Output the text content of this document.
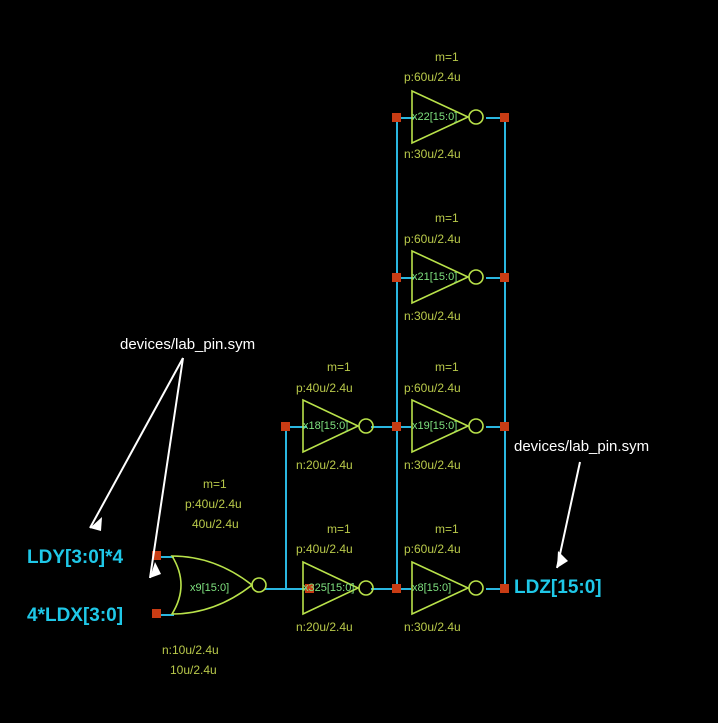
m=1
p:60u/2.4u
x22[15:0]
n:30u/2.4u
m=1
p:60u/2.4u
x21[15:0]
n:30u/2.4u
m=1
p:40u/2.4u
x18[15:0]
n:20u/2.4u
m=1
p:60u/2.4u
x19[15:0]
n:30u/2.4u
m=1
p:40u/2.4u
x325[15:0]
n:20u/2.4u
m=1
p:60u/2.4u
x8[15:0]
n:30u/2.4u
m=1
p:40u/2.4u
40u/2.4u
x9[15:0]
n:10u/2.4u
10u/2.4u
LDY[3:0]*4
4*LDX[3:0]
LDZ[15:0]
devices/lab_pin.sym
devices/lab_pin.sym
